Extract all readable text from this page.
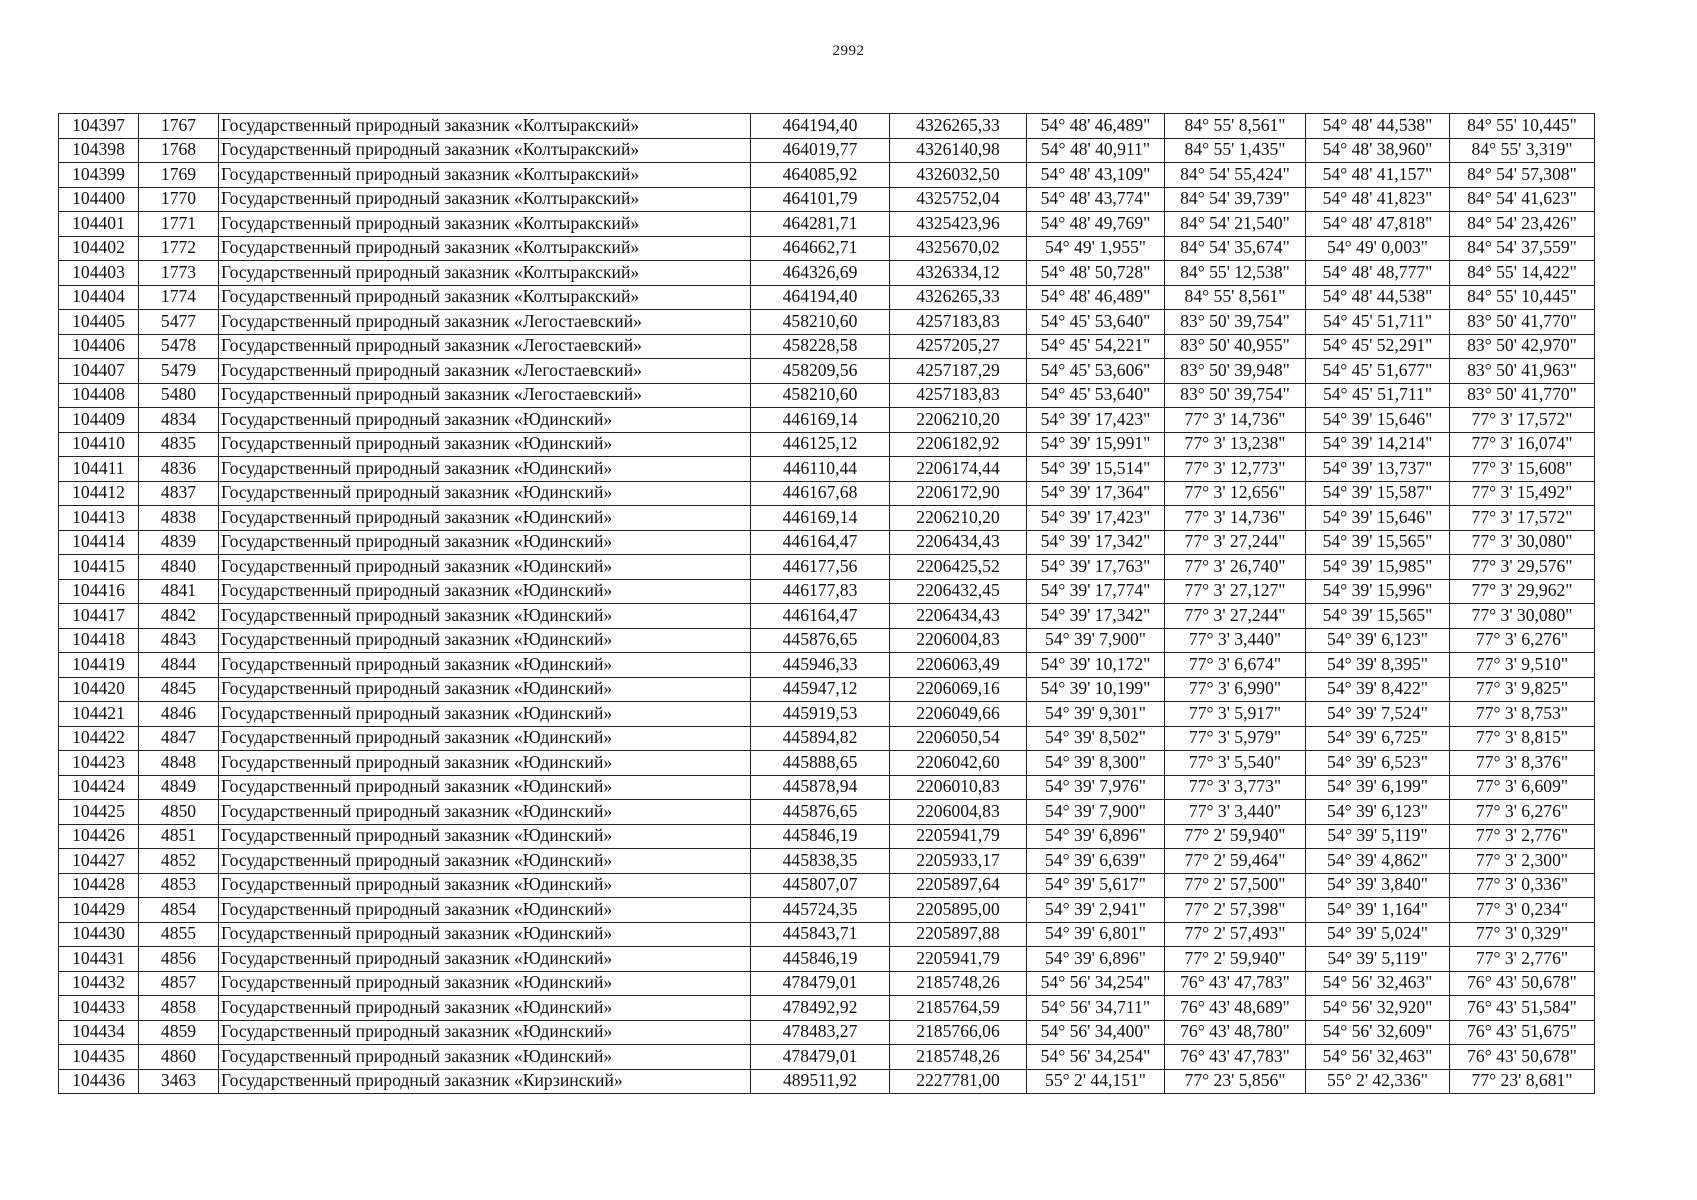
2992
104397	1767	Государственный природный заказник «Колтыракский»	464194,40	4326265,33	54° 48' 46,489"	84° 55' 8,561"	54° 48' 44,538"	84° 55' 10,445"
104398	1768	Государственный природный заказник «Колтыракский»	464019,77	4326140,98	54° 48' 40,911"	84° 55' 1,435"	54° 48' 38,960"	84° 55' 3,319"
104399	1769	Государственный природный заказник «Колтыракский»	464085,92	4326032,50	54° 48' 43,109"	84° 54' 55,424"	54° 48' 41,157"	84° 54' 57,308"
104400	1770	Государственный природный заказник «Колтыракский»	464101,79	4325752,04	54° 48' 43,774"	84° 54' 39,739"	54° 48' 41,823"	84° 54' 41,623"
104401	1771	Государственный природный заказник «Колтыракский»	464281,71	4325423,96	54° 48' 49,769"	84° 54' 21,540"	54° 48' 47,818"	84° 54' 23,426"
104402	1772	Государственный природный заказник «Колтыракский»	464662,71	4325670,02	54° 49' 1,955"	84° 54' 35,674"	54° 49' 0,003"	84° 54' 37,559"
104403	1773	Государственный природный заказник «Колтыракский»	464326,69	4326334,12	54° 48' 50,728"	84° 55' 12,538"	54° 48' 48,777"	84° 55' 14,422"
104404	1774	Государственный природный заказник «Колтыракский»	464194,40	4326265,33	54° 48' 46,489"	84° 55' 8,561"	54° 48' 44,538"	84° 55' 10,445"
104405	5477	Государственный природный заказник «Легостаевский»	458210,60	4257183,83	54° 45' 53,640"	83° 50' 39,754"	54° 45' 51,711"	83° 50' 41,770"
104406	5478	Государственный природный заказник «Легостаевский»	458228,58	4257205,27	54° 45' 54,221"	83° 50' 40,955"	54° 45' 52,291"	83° 50' 42,970"
104407	5479	Государственный природный заказник «Легостаевский»	458209,56	4257187,29	54° 45' 53,606"	83° 50' 39,948"	54° 45' 51,677"	83° 50' 41,963"
104408	5480	Государственный природный заказник «Легостаевский»	458210,60	4257183,83	54° 45' 53,640"	83° 50' 39,754"	54° 45' 51,711"	83° 50' 41,770"
104409	4834	Государственный природный заказник «Юдинский»	446169,14	2206210,20	54° 39' 17,423"	77° 3' 14,736"	54° 39' 15,646"	77° 3' 17,572"
104410	4835	Государственный природный заказник «Юдинский»	446125,12	2206182,92	54° 39' 15,991"	77° 3' 13,238"	54° 39' 14,214"	77° 3' 16,074"
104411	4836	Государственный природный заказник «Юдинский»	446110,44	2206174,44	54° 39' 15,514"	77° 3' 12,773"	54° 39' 13,737"	77° 3' 15,608"
104412	4837	Государственный природный заказник «Юдинский»	446167,68	2206172,90	54° 39' 17,364"	77° 3' 12,656"	54° 39' 15,587"	77° 3' 15,492"
104413	4838	Государственный природный заказник «Юдинский»	446169,14	2206210,20	54° 39' 17,423"	77° 3' 14,736"	54° 39' 15,646"	77° 3' 17,572"
104414	4839	Государственный природный заказник «Юдинский»	446164,47	2206434,43	54° 39' 17,342"	77° 3' 27,244"	54° 39' 15,565"	77° 3' 30,080"
104415	4840	Государственный природный заказник «Юдинский»	446177,56	2206425,52	54° 39' 17,763"	77° 3' 26,740"	54° 39' 15,985"	77° 3' 29,576"
104416	4841	Государственный природный заказник «Юдинский»	446177,83	2206432,45	54° 39' 17,774"	77° 3' 27,127"	54° 39' 15,996"	77° 3' 29,962"
104417	4842	Государственный природный заказник «Юдинский»	446164,47	2206434,43	54° 39' 17,342"	77° 3' 27,244"	54° 39' 15,565"	77° 3' 30,080"
104418	4843	Государственный природный заказник «Юдинский»	445876,65	2206004,83	54° 39' 7,900"	77° 3' 3,440"	54° 39' 6,123"	77° 3' 6,276"
104419	4844	Государственный природный заказник «Юдинский»	445946,33	2206063,49	54° 39' 10,172"	77° 3' 6,674"	54° 39' 8,395"	77° 3' 9,510"
104420	4845	Государственный природный заказник «Юдинский»	445947,12	2206069,16	54° 39' 10,199"	77° 3' 6,990"	54° 39' 8,422"	77° 3' 9,825"
104421	4846	Государственный природный заказник «Юдинский»	445919,53	2206049,66	54° 39' 9,301"	77° 3' 5,917"	54° 39' 7,524"	77° 3' 8,753"
104422	4847	Государственный природный заказник «Юдинский»	445894,82	2206050,54	54° 39' 8,502"	77° 3' 5,979"	54° 39' 6,725"	77° 3' 8,815"
104423	4848	Государственный природный заказник «Юдинский»	445888,65	2206042,60	54° 39' 8,300"	77° 3' 5,540"	54° 39' 6,523"	77° 3' 8,376"
104424	4849	Государственный природный заказник «Юдинский»	445878,94	2206010,83	54° 39' 7,976"	77° 3' 3,773"	54° 39' 6,199"	77° 3' 6,609"
104425	4850	Государственный природный заказник «Юдинский»	445876,65	2206004,83	54° 39' 7,900"	77° 3' 3,440"	54° 39' 6,123"	77° 3' 6,276"
104426	4851	Государственный природный заказник «Юдинский»	445846,19	2205941,79	54° 39' 6,896"	77° 2' 59,940"	54° 39' 5,119"	77° 3' 2,776"
104427	4852	Государственный природный заказник «Юдинский»	445838,35	2205933,17	54° 39' 6,639"	77° 2' 59,464"	54° 39' 4,862"	77° 3' 2,300"
104428	4853	Государственный природный заказник «Юдинский»	445807,07	2205897,64	54° 39' 5,617"	77° 2' 57,500"	54° 39' 3,840"	77° 3' 0,336"
104429	4854	Государственный природный заказник «Юдинский»	445724,35	2205895,00	54° 39' 2,941"	77° 2' 57,398"	54° 39' 1,164"	77° 3' 0,234"
104430	4855	Государственный природный заказник «Юдинский»	445843,71	2205897,88	54° 39' 6,801"	77° 2' 57,493"	54° 39' 5,024"	77° 3' 0,329"
104431	4856	Государственный природный заказник «Юдинский»	445846,19	2205941,79	54° 39' 6,896"	77° 2' 59,940"	54° 39' 5,119"	77° 3' 2,776"
104432	4857	Государственный природный заказник «Юдинский»	478479,01	2185748,26	54° 56' 34,254"	76° 43' 47,783"	54° 56' 32,463"	76° 43' 50,678"
104433	4858	Государственный природный заказник «Юдинский»	478492,92	2185764,59	54° 56' 34,711"	76° 43' 48,689"	54° 56' 32,920"	76° 43' 51,584"
104434	4859	Государственный природный заказник «Юдинский»	478483,27	2185766,06	54° 56' 34,400"	76° 43' 48,780"	54° 56' 32,609"	76° 43' 51,675"
104435	4860	Государственный природный заказник «Юдинский»	478479,01	2185748,26	54° 56' 34,254"	76° 43' 47,783"	54° 56' 32,463"	76° 43' 50,678"
104436	3463	Государственный природный заказник «Кирзинский»	489511,92	2227781,00	55° 2' 44,151"	77° 23' 5,856"	55° 2' 42,336"	77° 23' 8,681"
